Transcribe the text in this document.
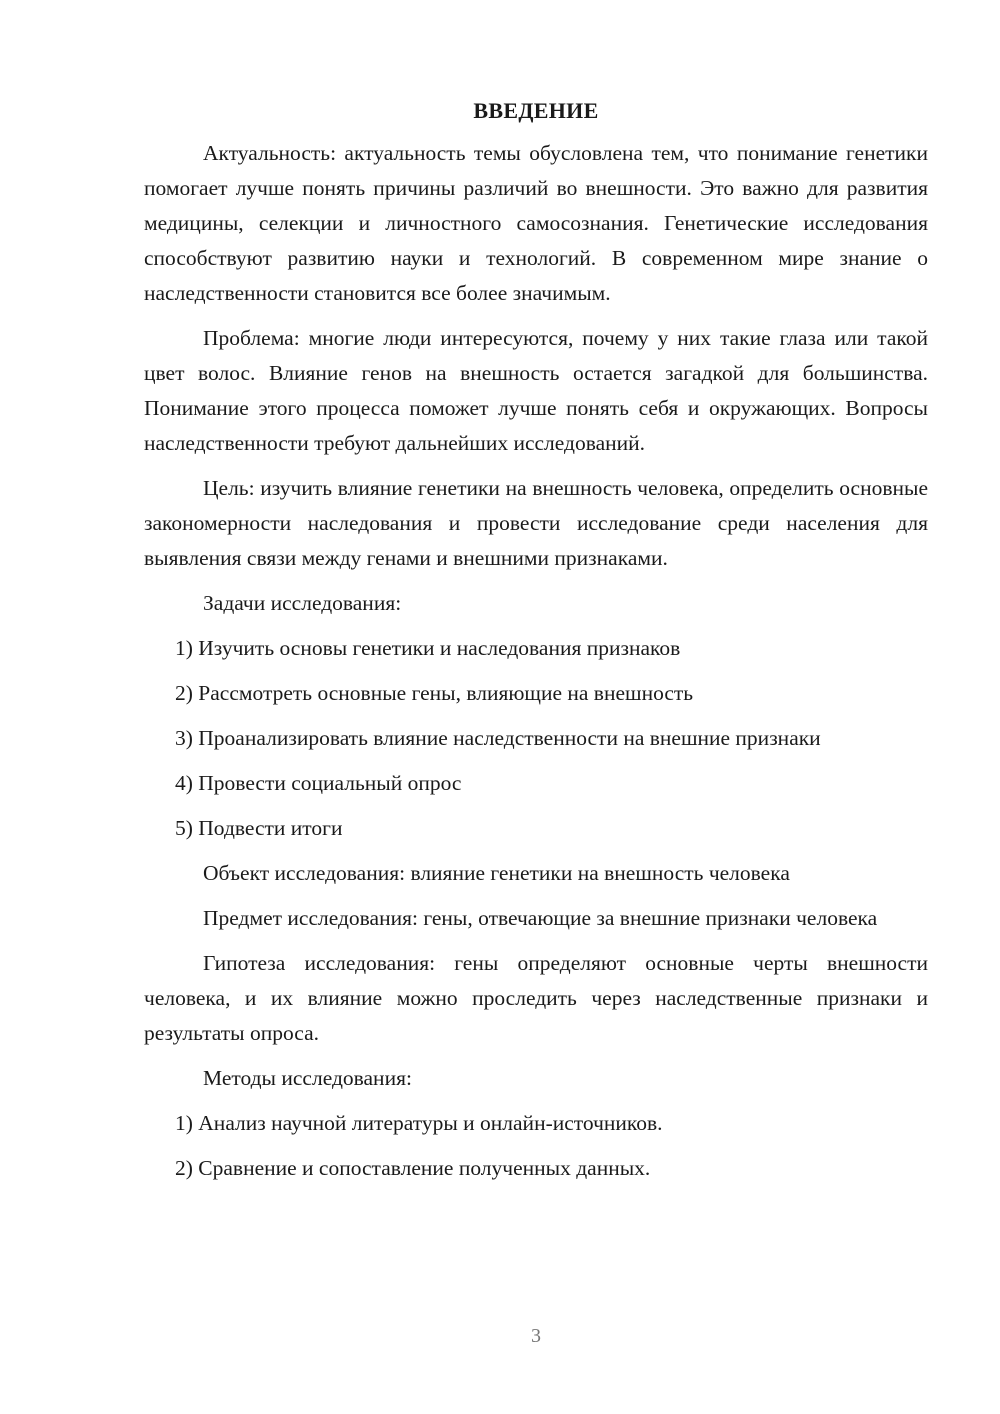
ВВЕДЕНИЕ

Актуальность: актуальность темы обусловлена тем, что понимание генетики помогает лучше понять причины различий во внешности. Это важно для развития медицины, селекции и личностного самосознания. Генетические исследования способствуют развитию науки и технологий. В современном мире знание о наследственности становится все более значимым.

Проблема: многие люди интересуются, почему у них такие глаза или такой цвет волос. Влияние генов на внешность остается загадкой для большинства. Понимание этого процесса поможет лучше понять себя и окружающих. Вопросы наследственности требуют дальнейших исследований.

Цель: изучить влияние генетики на внешность человека, определить основные закономерности наследования и провести исследование среди населения для выявления связи между генами и внешними признаками.

Задачи исследования:
1) Изучить основы генетики и наследования признаков
2) Рассмотреть основные гены, влияющие на внешность
3) Проанализировать влияние наследственности на внешние признаки
4) Провести социальный опрос
5) Подвести итоги
Объект исследования: влияние генетики на внешность человека

Предмет исследования: гены, отвечающие за внешние признаки человека

Гипотеза исследования: гены определяют основные черты внешности человека, и их влияние можно проследить через наследственные признаки и результаты опроса.

Методы исследования:
1) Анализ научной литературы и онлайн-источников.
2) Сравнение и сопоставление полученных данных.
3
